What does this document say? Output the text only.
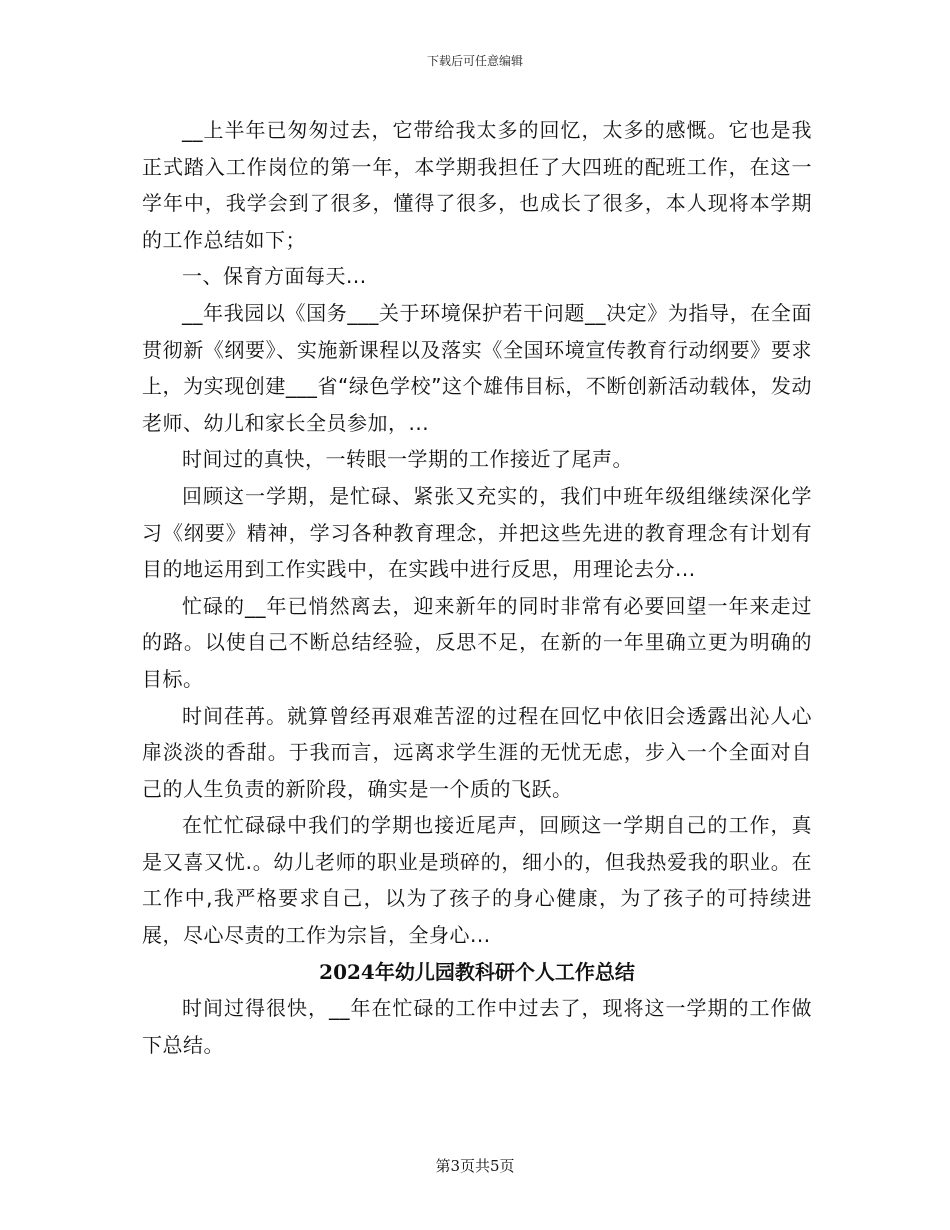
下载后可任意编辑

__上半年已匆匆过去，它带给我太多的回忆，太多的感慨。它也是我正式踏入工作岗位的第一年，本学期我担任了大四班的配班工作，在这一学年中，我学会到了很多，懂得了很多，也成长了很多，本人现将本学期的工作总结如下；

一、保育方面每天...

__年我园以《国务___关于环境保护若干问题__决定》为指导，在全面贯彻新《纲要》、实施新课程以及落实《全国环境宣传教育行动纲要》要求上，为实现创建___省“绿色学校”这个雄伟目标，不断创新活动载体，发动老师、幼儿和家长全员参加，...

时间过的真快，一转眼一学期的工作接近了尾声。

回顾这一学期，是忙碌、紧张又充实的，我们中班年级组继续深化学习《纲要》精神，学习各种教育理念，并把这些先进的教育理念有计划有目的地运用到工作实践中，在实践中进行反思，用理论去分...

忙碌的__年已悄然离去，迎来新年的同时非常有必要回望一年来走过的路。以使自己不断总结经验，反思不足，在新的一年里确立更为明确的目标。

时间荏苒。就算曾经再艰难苦涩的过程在回忆中依旧会透露出沁人心扉淡淡的香甜。于我而言，远离求学生涯的无忧无虑，步入一个全面对自己的人生负责的新阶段，确实是一个质的飞跃。

在忙忙碌碌中我们的学期也接近尾声，回顾这一学期自己的工作，真是又喜又忧.。幼儿老师的职业是琐碎的，细小的，但我热爱我的职业。在工作中,我严格要求自己，以为了孩子的身心健康，为了孩子的可持续进展，尽心尽责的工作为宗旨，全身心...

2024年幼儿园教科研个人工作总结

时间过得很快，__年在忙碌的工作中过去了，现将这一学期的工作做下总结。

第3页共5页
